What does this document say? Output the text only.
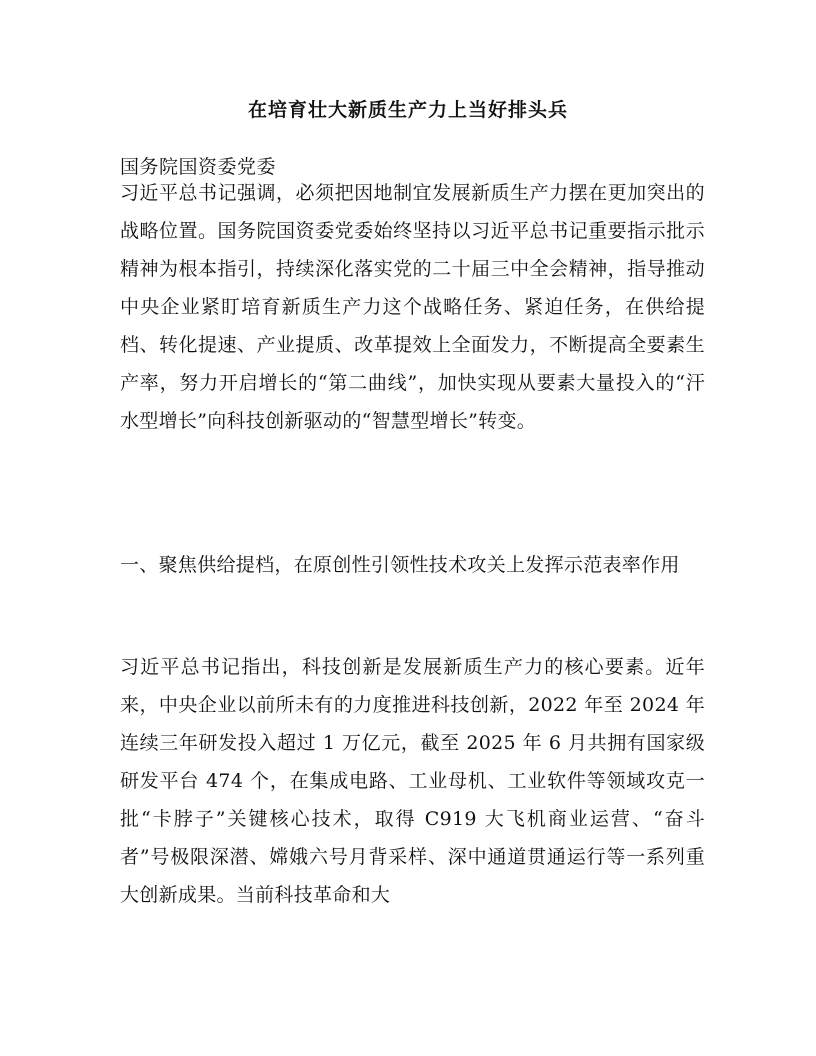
在培育壮大新质生产力上当好排头兵
国务院国资委党委

习近平总书记强调，必须把因地制宜发展新质生产力摆在更加突出的战略位置。国务院国资委党委始终坚持以习近平总书记重要指示批示精神为根本指引，持续深化落实党的二十届三中全会精神，指导推动中央企业紧盯培育新质生产力这个战略任务、紧迫任务，在供给提档、转化提速、产业提质、改革提效上全面发力，不断提高全要素生产率，努力开启增长的“第二曲线”，加快实现从要素大量投入的“汗水型增长”向科技创新驱动的“智慧型增长”转变。

一、聚焦供给提档，在原创性引领性技术攻关上发挥示范表率作用

习近平总书记指出，科技创新是发展新质生产力的核心要素。近年来，中央企业以前所未有的力度推进科技创新，2022 年至 2024 年连续三年研发投入超过 1 万亿元，截至 2025 年 6 月共拥有国家级研发平台 474 个，在集成电路、工业母机、工业软件等领域攻克一批“卡脖子”关键核心技术，取得 C919 大飞机商业运营、“奋斗者”号极限深潜、嫦娥六号月背采样、深中通道贯通运行等一系列重大创新成果。当前科技革命和大
